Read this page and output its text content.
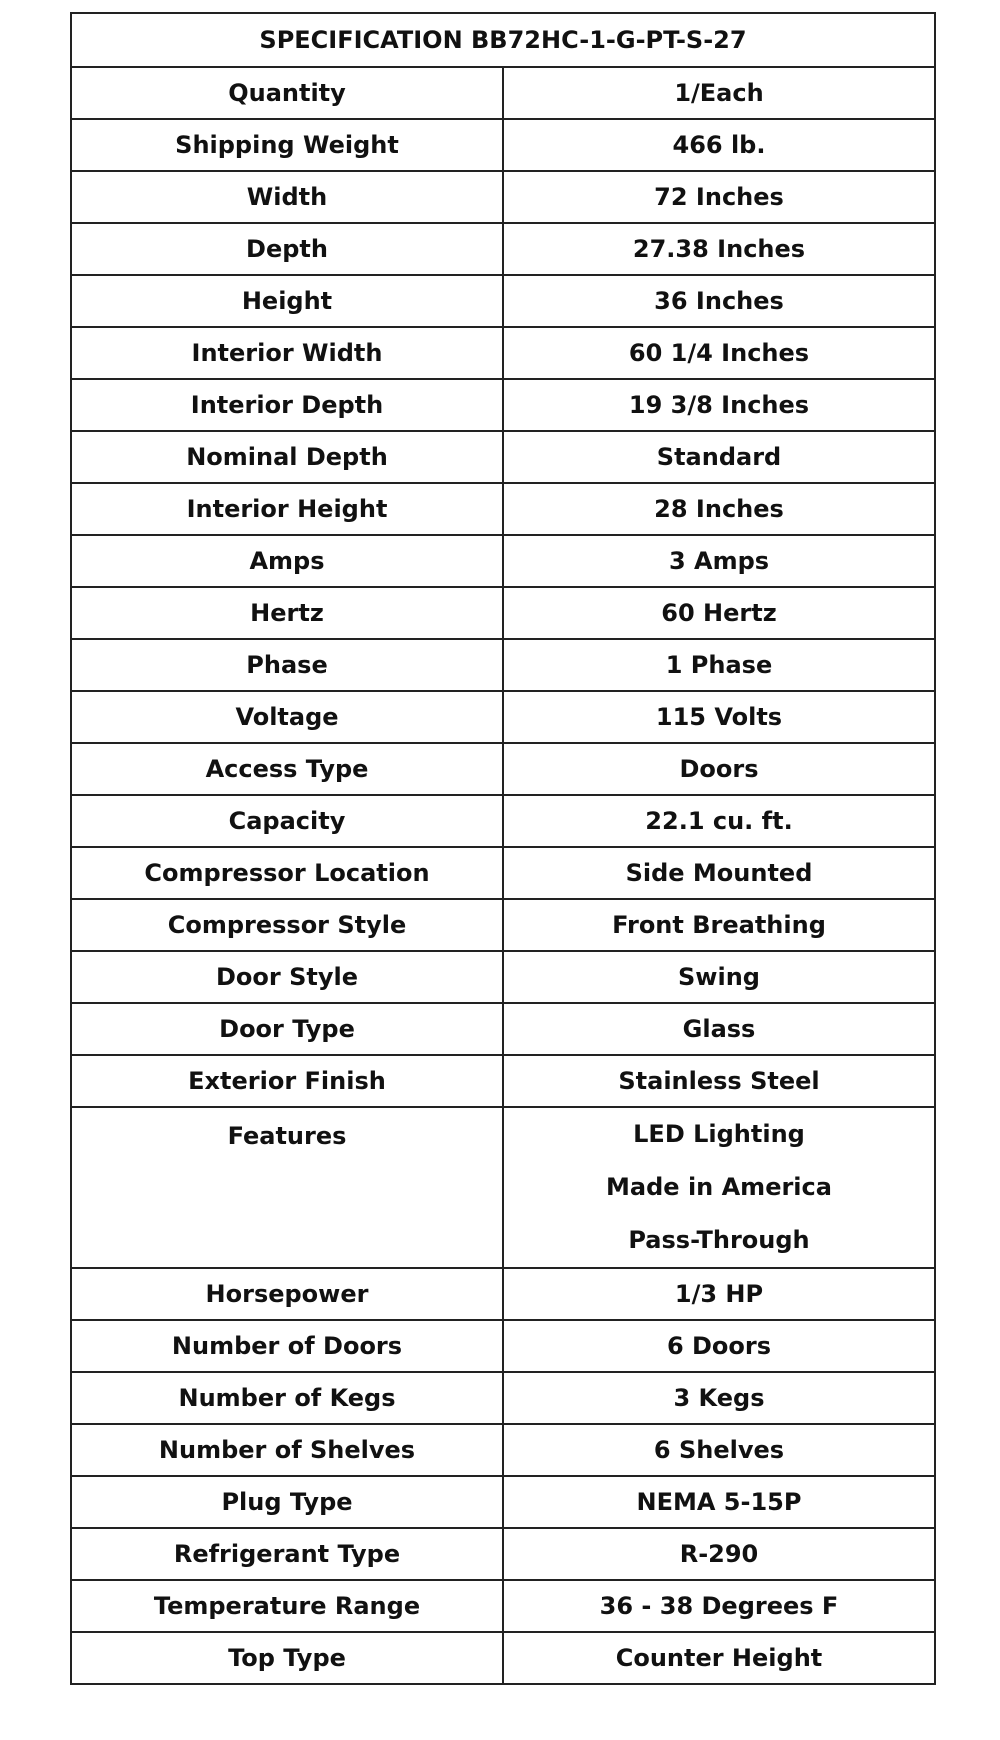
SPECIFICATION BB72HC-1-G-PT-S-27	
Quantity	1/Each
Shipping Weight	466 lb.
Width	72 Inches
Depth	27.38 Inches
Height	36 Inches
Interior Width	60 1/4 Inches
Interior Depth	19 3/8 Inches
Nominal Depth	Standard
Interior Height	28 Inches
Amps	3 Amps
Hertz	60 Hertz
Phase	1 Phase
Voltage	115 Volts
Access Type	Doors
Capacity	22.1 cu. ft.
Compressor Location	Side Mounted
Compressor Style	Front Breathing
Door Style	Swing
Door Type	Glass
Exterior Finish	Stainless Steel
Features	LED Lighting
Made in America
Pass-Through

Horsepower	1/3 HP
Number of Doors	6 Doors
Number of Kegs	3 Kegs
Number of Shelves	6 Shelves
Plug Type	NEMA 5-15P
Refrigerant Type	R-290
Temperature Range	36 - 38 Degrees F
Top Type	Counter Height
